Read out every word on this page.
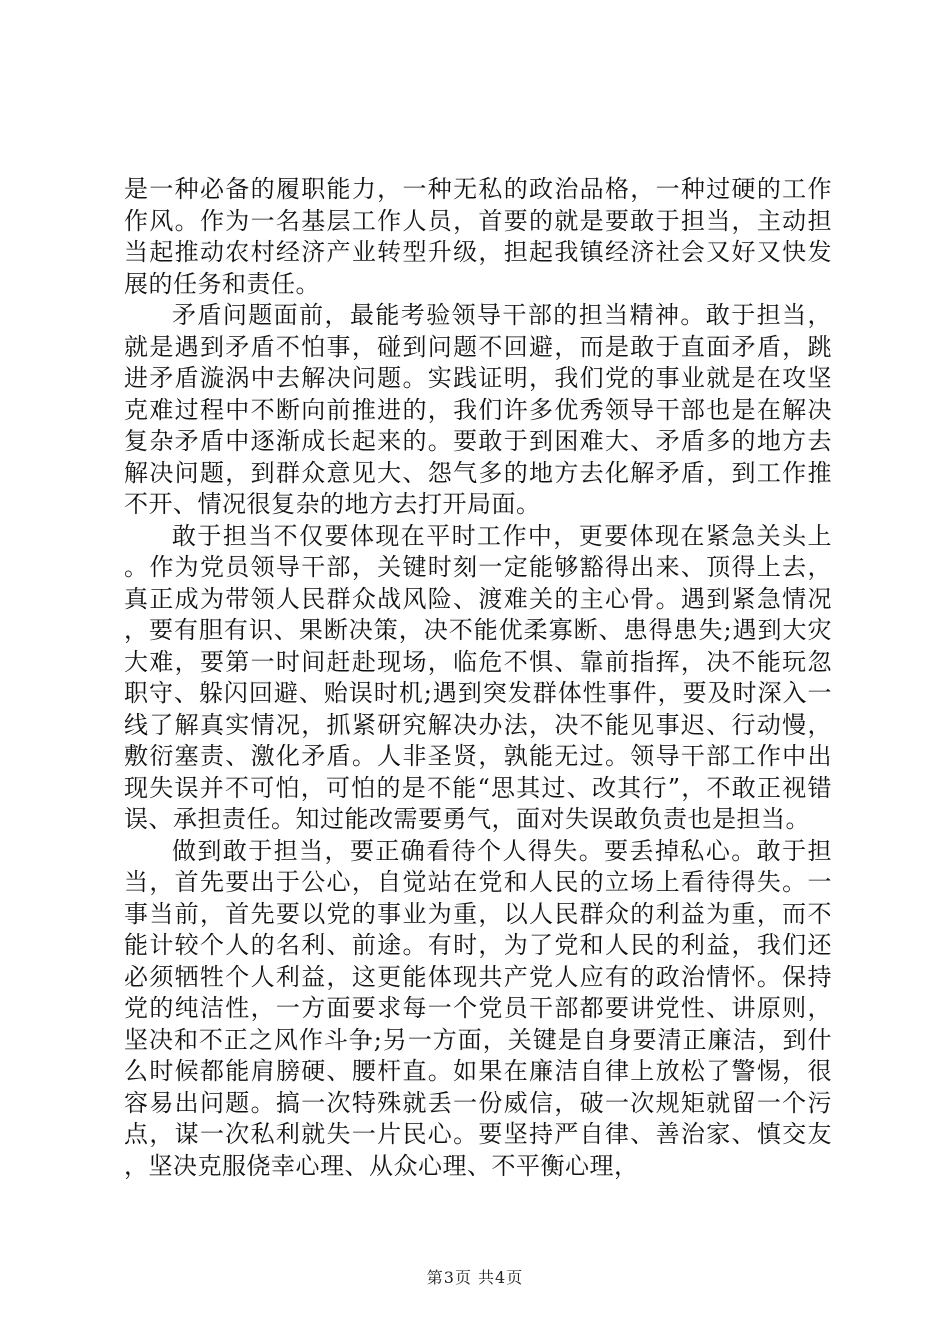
是一种必备的履职能力，一种无私的政治品格，一种过硬的工作作风。作为一名基层工作人员，首要的就是要敢于担当，主动担当起推动农村经济产业转型升级，担起我镇经济社会又好又快发展的任务和责任。

矛盾问题面前，最能考验领导干部的担当精神。敢于担当，就是遇到矛盾不怕事，碰到问题不回避，而是敢于直面矛盾，跳进矛盾漩涡中去解决问题。实践证明，我们党的事业就是在攻坚克难过程中不断向前推进的，我们许多优秀领导干部也是在解决复杂矛盾中逐渐成长起来的。要敢于到困难大、矛盾多的地方去解决问题，到群众意见大、怨气多的地方去化解矛盾，到工作推不开、情况很复杂的地方去打开局面。

敢于担当不仅要体现在平时工作中，更要体现在紧急关头上。作为党员领导干部，关键时刻一定能够豁得出来、顶得上去，真正成为带领人民群众战风险、渡难关的主心骨。遇到紧急情况，要有胆有识、果断决策，决不能优柔寡断、患得患失;遇到大灾大难，要第一时间赶赴现场，临危不惧、靠前指挥，决不能玩忽职守、躲闪回避、贻误时机;遇到突发群体性事件，要及时深入一线了解真实情况，抓紧研究解决办法，决不能见事迟、行动慢，敷衍塞责、激化矛盾。人非圣贤，孰能无过。领导干部工作中出现失误并不可怕，可怕的是不能“思其过、改其行”，不敢正视错误、承担责任。知过能改需要勇气，面对失误敢负责也是担当。

做到敢于担当，要正确看待个人得失。要丢掉私心。敢于担当，首先要出于公心，自觉站在党和人民的立场上看待得失。一事当前，首先要以党的事业为重，以人民群众的利益为重，而不能计较个人的名利、前途。有时，为了党和人民的利益，我们还必须牺牲个人利益，这更能体现共产党人应有的政治情怀。保持党的纯洁性，一方面要求每一个党员干部都要讲党性、讲原则，坚决和不正之风作斗争;另一方面，关键是自身要清正廉洁，到什么时候都能肩膀硬、腰杆直。如果在廉洁自律上放松了警惕，很容易出问题。搞一次特殊就丢一份威信，破一次规矩就留一个污点，谋一次私利就失一片民心。要坚持严自律、善治家、慎交友，坚决克服侥幸心理、从众心理、不平衡心理，

第3页 共4页
